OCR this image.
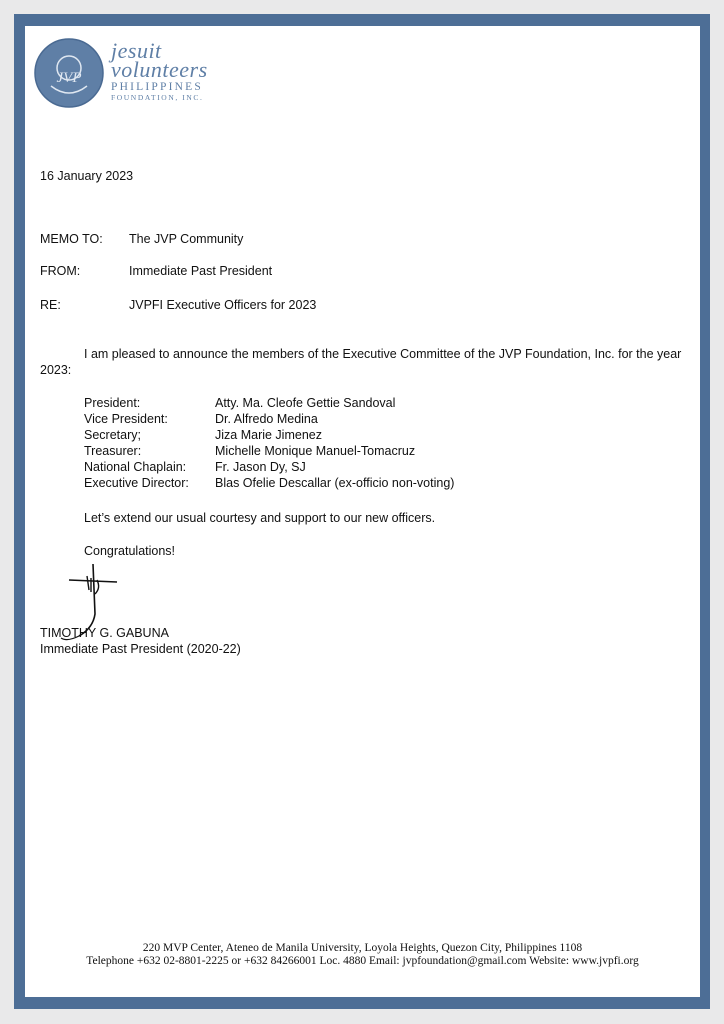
JVP
jesuit
volunteers
PHILIPPINES
FOUNDATION, INC.
16 January 2023
MEMO TO: The JVP Community
FROM:	Immediate Past President
RE:	JVPFI Executive Officers for 2023
I am pleased to announce the members of the Executive Committee of the JVP Foundation, Inc. for the year
2023:
President:	Atty. Ma. Cleofe Gettie Sandoval
Vice President:	Dr. Alfredo Medina
Secretary;	Jiza Marie Jimenez
Treasurer:	Michelle Monique Manuel-Tomacruz
National Chaplain: Fr. Jason Dy, SJ
Executive Director: Blas Ofelie Descallar (ex-officio non-voting)
Let’s extend our usual courtesy and support to our new officers.
Congratulations!
TIMOTHY G. GABUNA
Immediate Past President (2020-22)
220 MVP Center, Ateneo de Manila University, Loyola Heights, Quezon City, Philippines 1108
Telephone +632 02-8801-2225 or +632 84266001 Loc. 4880 Email: jvpfoundation@gmail.com Website: www.jvpfi.org
